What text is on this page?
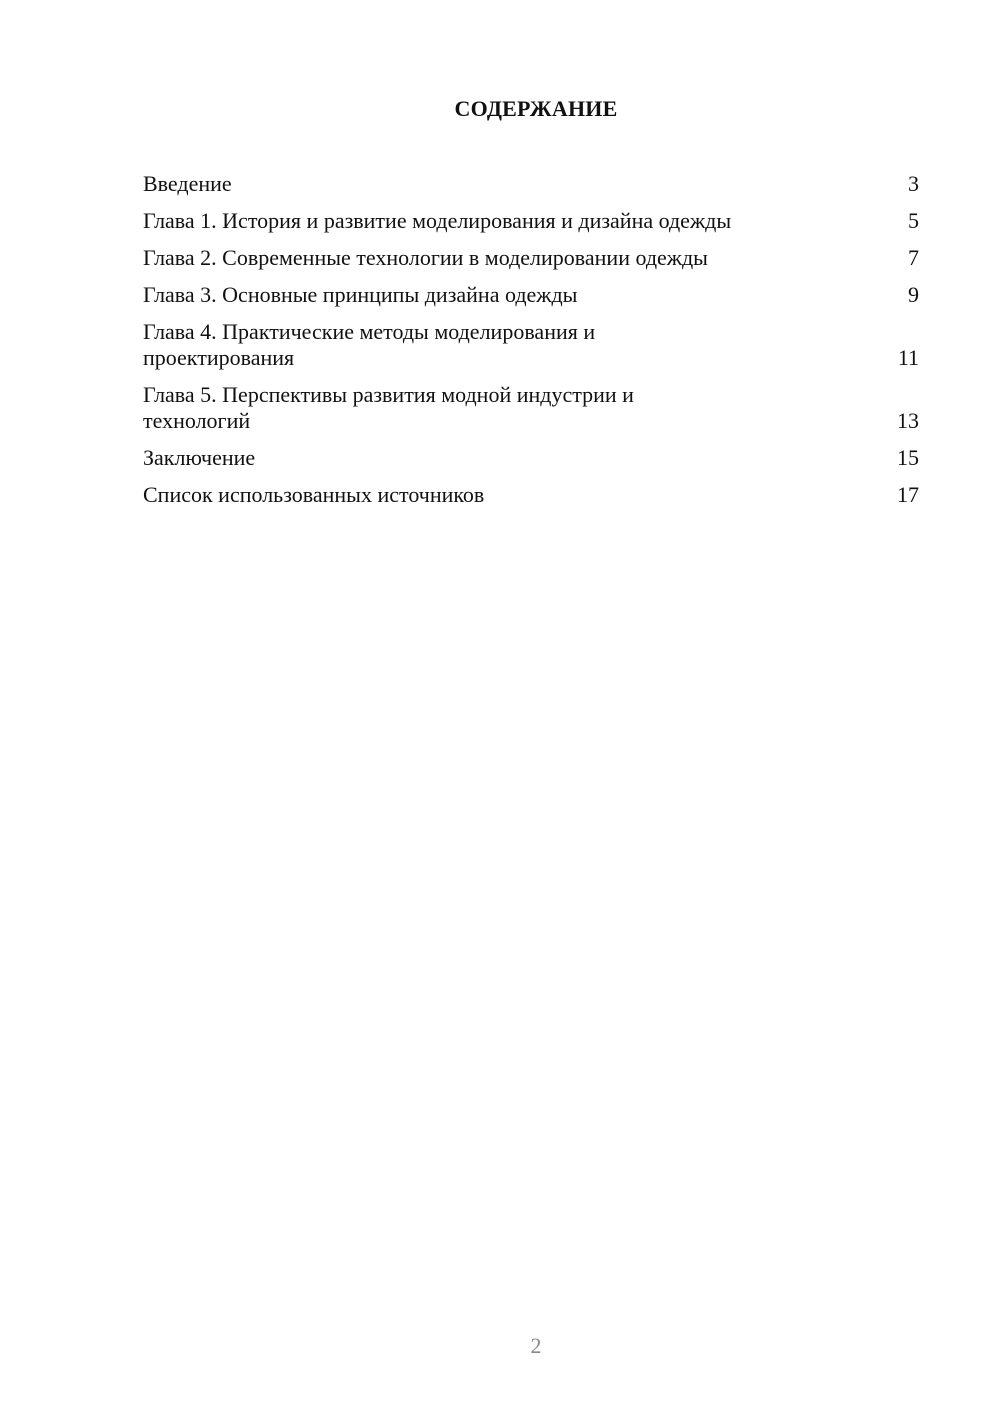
СОДЕРЖАНИЕ
Введение	3
Глава 1. История и развитие моделирования и дизайна одежды	5
Глава 2. Современные технологии в моделировании одежды	7
Глава 3. Основные принципы дизайна одежды	9
Глава 4. Практические методы моделирования и проектирования	11
Глава 5. Перспективы развития модной индустрии и технологий	13
Заключение	15
Список использованных источников	17
2
